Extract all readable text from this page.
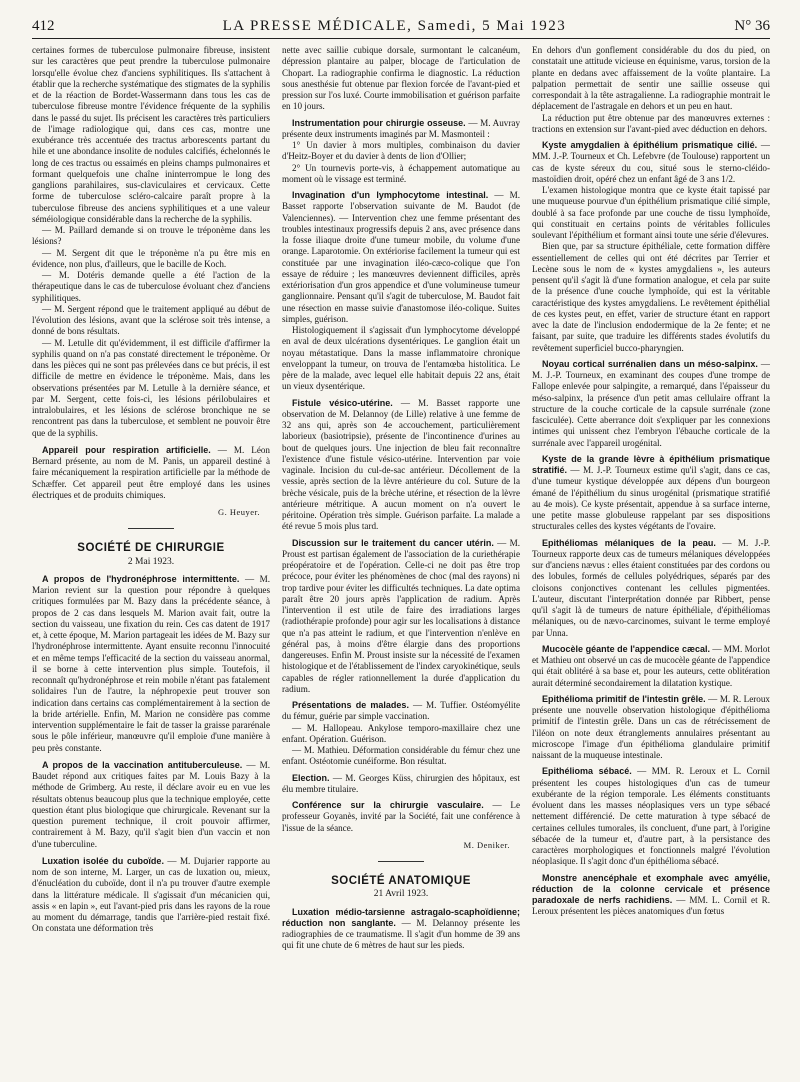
412	LA PRESSE MÉDICALE, Samedi, 5 Mai 1923	N° 36

certaines formes de tuberculose pulmonaire fibreuse, insistent sur les caractères que peut prendre la tuberculose pulmonaire lorsqu'elle évolue chez d'anciens syphilitiques. Ils s'attachent à établir que la recherche systématique des stigmates de la syphilis et de la réaction de Bordet-Wassermann dans tous les cas de tuberculose fibreuse montre l'évidence fréquente de la syphilis dans le passé du sujet. Ils précisent les caractères très particuliers de l'image radiologique qui, dans ces cas, montre une exubérance très accentuée des tractus arborescents partant du hile et une abondance insolite de nodules calcifiés, échelonnés le long de ces tractus ou essaimés en pleins champs pulmonaires et formant quelquefois une chaîne ininterrompue le long des ganglions parahilaires, sus-claviculaires et cervicaux. Cette forme de tuberculose scléro-calcaire paraît propre à la tuberculose fibreuse des anciens syphilitiques et a une valeur séméiologique considérable dans la recherche de la syphilis.

— M. Paillard demande si on trouve le tréponème dans les lésions?

— M. Sergent dit que le tréponème n'a pu être mis en évidence, non plus, d'ailleurs, que le bacille de Koch.

— M. Dotéris demande quelle a été l'action de la thérapeutique dans le cas de tuberculose évoluant chez d'anciens syphilitiques.

— M. Sergent répond que le traitement appliqué au début de l'évolution des lésions, avant que la sclérose soit très intense, a donné de bons résultats.

— M. Letulle dit qu'évidemment, il est difficile d'affirmer la syphilis quand on n'a pas constaté directement le tréponème. Or dans les pièces qui ne sont pas prélevées dans ce but précis, il est difficile de mettre en évidence le tréponème. Mais, dans les observations présentées par M. Letulle à la dernière séance, et par M. Sergent, cette fois-ci, les lésions périlobulaires et intralobulaires, et les lésions de sclérose bronchique ne se rencontrent pas dans la tuberculose, et semblent ne pouvoir être que de la syphilis.

Appareil pour respiration artificielle. — M. Léon Bernard présente, au nom de M. Panis, un appareil destiné à faire mécaniquement la respiration artificielle par la méthode de Schæffer. Cet appareil peut être employé dans les usines électriques et de produits chimiques.

G. Heuyer.
SOCIÉTÉ DE CHIRURGIE
2 Mai 1923.

A propos de l'hydronéphrose intermittente. — M. Marion revient sur la question pour répondre à quelques critiques formulées par M. Bazy dans la précédente séance, à propos de 2 cas dans lesquels M. Marion avait fait, outre la section du vaisseau, une fixation du rein. Ces cas datent de 1917 et, à cette époque, M. Marion partageait les idées de M. Bazy sur l'hydronéphrose intermittente. Ayant ensuite reconnu l'innocuité et en même temps l'efficacité de la section du vaisseau anormal, il se borne à cette intervention plus simple. Toutefois, il reconnaît qu'hydronéphrose et rein mobile n'étant pas fatalement solidaires l'un de l'autre, la néphropexie peut trouver son indication dans certains cas complémentairement à la section de la bride artérielle. Enfin, M. Marion ne considère pas comme intervention supplémentaire le fait de tasser la graisse pararénale sous le pôle inférieur, manœuvre qu'il emploie d'une manière à peu près constante.

A propos de la vaccination antituberculeuse. — M. Baudet répond aux critiques faites par M. Louis Bazy à la méthode de Grimberg. Au reste, il déclare avoir eu en vue les résultats obtenus beaucoup plus que la technique employée, cette question étant plus biologique que chirurgicale. Revenant sur la question purement technique, il croit pouvoir affirmer, contrairement à M. Bazy, qu'il s'agit bien d'un vaccin et non d'une tuberculine.

Luxation isolée du cuboïde. — M. Dujarier rapporte au nom de son interne, M. Larger, un cas de luxation ou, mieux, d'énucléation du cuboïde, dont il n'a pu trouver d'autre exemple dans la littérature médicale. Il s'agissait d'un mécanicien qui, assis « en lapin », eut l'avant-pied pris dans les rayons de la roue au moment du démarrage, tandis que l'arrière-pied restait fixé. On constata une déformation très

nette avec saillie cubique dorsale, surmontant le calcanéum, dépression plantaire au palper, blocage de l'articulation de Chopart. La radiographie confirma le diagnostic. La réduction sous anesthésie fut obtenue par flexion forcée de l'avant-pied et pression sur l'os luxé. Courte immobilisation et guérison parfaite en 10 jours.

Instrumentation pour chirurgie osseuse. — M. Auvray présente deux instruments imaginés par M. Masmonteil :

1° Un davier à mors multiples, combinaison du davier d'Heitz-Boyer et du davier à dents de lion d'Ollier;

2° Un tournevis porte-vis, à échappement automatique au moment où le vissage est terminé.

Invagination d'un lymphocytome intestinal. — M. Basset rapporte l'observation suivante de M. Baudot (de Valenciennes). — Intervention chez une femme présentant des troubles intestinaux progressifs depuis 2 ans, avec présence dans la fosse iliaque droite d'une tumeur mobile, du volume d'une orange. Laparotomie. On extériorise facilement la tumeur qui est constituée par une invagination iléo-cæco-colique que l'on essaye de réduire ; les manœuvres deviennent difficiles, après extériorisation d'un gros appendice et d'une volumineuse tumeur ganglionnaire. Pensant qu'il s'agit de tuberculose, M. Baudot fait une résection en masse suivie d'anastomose iléo-colique. Suites simples, guérison.

Histologiquement il s'agissait d'un lymphocytome développé en aval de deux ulcérations dysentériques. Le ganglion était un noyau métastatique. Dans la masse inflammatoire chronique enveloppant la tumeur, on trouva de l'entamœba histolitica. Le père de la malade, avec lequel elle habitait depuis 22 ans, était un vieux dysentérique.

Fistule vésico-utérine. — M. Basset rapporte une observation de M. Delannoy (de Lille) relative à une femme de 32 ans qui, après son 4e accouchement, particulièrement laborieux (basiotripsie), présente de l'incontinence d'urines au bout de quelques jours. Une injection de bleu fait reconnaître l'existence d'une fistule vésico-utérine. Intervention par voie vaginale. Incision du cul-de-sac antérieur. Décollement de la vessie, après section de la lèvre antérieure du col. Suture de la brèche vésicale, puis de la brèche utérine, et résection de la lèvre antérieure métritique. A aucun moment on n'a ouvert le péritoine. Opération très simple. Guérison parfaite. La malade a été revue 5 mois plus tard.

Discussion sur le traitement du cancer utérin. — M. Proust est partisan également de l'association de la curiethérapie préopératoire et de l'opération. Celle-ci ne doit pas être trop précoce, pour éviter les phénomènes de choc (mal des rayons) ni trop tardive pour éviter les difficultés techniques. La date optima paraît être 20 jours après l'application de radium. Après l'intervention il est utile de faire des irradiations larges (radiothérapie profonde) pour agir sur les localisations à distance que n'a pas atteint le radium, et que l'intervention n'enlève en général pas, à moins d'être élargie dans des proportions dangereuses. Enfin M. Proust insiste sur la nécessité de l'examen histologique et de l'établissement de l'index caryokinétique, seuls capables de régler rationnellement la durée d'application du radium.

Présentations de malades. — M. Tuffier. Ostéomyélite du fémur, guérie par simple vaccination.

— M. Hallopeau. Ankylose temporo-maxillaire chez une enfant. Opération. Guérison.

— M. Mathieu. Déformation considérable du fémur chez une enfant. Ostéotomie cunéiforme. Bon résultat.

Election. — M. Georges Küss, chirurgien des hôpitaux, est élu membre titulaire.

Conférence sur la chirurgie vasculaire. — Le professeur Goyanès, invité par la Société, fait une conférence à l'issue de la séance.

M. Deniker.
SOCIÉTÉ ANATOMIQUE
21 Avril 1923.

Luxation médio-tarsienne astragalo-scaphoïdienne; réduction non sanglante. — M. Delannoy présente les radiographies de ce traumatisme. Il s'agit d'un homme de 39 ans qui fit une chute de 6 mètres de haut sur les pieds.

En dehors d'un gonflement considérable du dos du pied, on constatait une attitude vicieuse en équinisme, varus, torsion de la plante en dedans avec affaissement de la voûte plantaire. La palpation permettait de sentir une saillie osseuse qui correspondait à la tête astragalienne. La radiographie montrait le déplacement de l'astragale en dehors et un peu en haut.

La réduction put être obtenue par des manœuvres externes : tractions en extension sur l'avant-pied avec déduction en dehors.

Kyste amygdalien à épithélium prismatique cilié. — MM. J.-P. Tourneux et Ch. Lefebvre (de Toulouse) rapportent un cas de kyste séreux du cou, situé sous le sterno-cléido-mastoïdien droit, opéré chez un enfant âgé de 3 ans 1/2.

L'examen histologique montra que ce kyste était tapissé par une muqueuse pourvue d'un épithélium prismatique cilié simple, doublé à sa face profonde par une couche de tissu lymphoïde, qui constituait en certains points de véritables follicules soulevant l'épithélium et formant ainsi toute une série d'élevures.

Bien que, par sa structure épithéliale, cette formation diffère essentiellement de celles qui ont été décrites par Terrier et Lecène sous le nom de « kystes amygdaliens », les auteurs pensent qu'il s'agit là d'une formation analogue, et cela par suite de la présence d'une couche lymphoïde, qui est la véritable caractéristique des kystes amygdaliens. Le revêtement épithélial de ces kystes peut, en effet, varier de structure étant en rapport avec la date de l'inclusion endodermique de la 2e fente; et ne faisant, par suite, que traduire les différents stades évolutifs du revêtement superficiel bucco-pharyngien.

Noyau cortical surrénalien dans un méso-salpinx. — M. J.-P. Tourneux, en examinant des coupes d'une trompe de Fallope enlevée pour salpingite, a remarqué, dans l'épaisseur du méso-salpinx, la présence d'un petit amas cellulaire offrant la structure de la couche corticale de la capsule surrénale (zone fasciculée). Cette aberrance doit s'expliquer par les connexions intimes qui unissent chez l'embryon l'ébauche corticale de la surrénale avec l'appareil urogénital.

Kyste de la grande lèvre à épithélium prismatique stratifié. — M. J.-P. Tourneux estime qu'il s'agit, dans ce cas, d'une tumeur kystique développée aux dépens d'un bourgeon émané de l'épithélium du sinus urogénital (prismatique stratifié au 4e mois). Ce kyste présentait, appendue à sa surface interne, une petite masse globuleuse rappelant par ses dispositions structurales celles des kystes végétants de l'ovaire.

Epithéliomas mélaniques de la peau. — M. J.-P. Tourneux rapporte deux cas de tumeurs mélaniques développées sur d'anciens nævus : elles étaient constituées par des cordons ou des lobules, formés de cellules polyédriques, séparés par des cloisons conjonctives contenant les cellules pigmentées. L'auteur, discutant l'interprétation donnée par Ribbert, pense qu'il s'agit là de tumeurs de nature épithéliale, d'épithéliomas mélaniques, ou de nævo-carcinomes, suivant le terme employé par Unna.

Mucocèle géante de l'appendice cæcal. — MM. Morlot et Mathieu ont observé un cas de mucocèle géante de l'appendice qui était oblitéré à sa base et, pour les auteurs, cette oblitération aurait déterminé secondairement la dilatation kystique.

Epithélioma primitif de l'intestin grêle. — M. R. Leroux présente une nouvelle observation histologique d'épithélioma primitif de l'intestin grêle. Dans un cas de rétrécissement de l'iléon on note deux étranglements annulaires présentant au microscope l'image d'un épithélioma glandulaire primitif naissant de la muqueuse intestinale.

Epithélioma sébacé. — MM. R. Leroux et L. Cornil présentent les coupes histologiques d'un cas de tumeur exubérante de la région temporale. Les éléments constituants évoluent dans les masses néoplasiques vers un type sébacé nettement différencié. De cette maturation à type sébacé de certaines cellules tumorales, ils concluent, d'une part, à l'origine sébacée de la tumeur et, d'autre part, à la persistance des caractères morphologiques et fonctionnels malgré l'évolution néoplasique. Il s'agit donc d'un épithélioma sébacé.

Monstre anencéphale et exomphale avec amyélie, réduction de la colonne cervicale et présence paradoxale de nerfs rachidiens. — MM. L. Cornil et R. Leroux présentent les pièces anatomiques d'un fœtus
